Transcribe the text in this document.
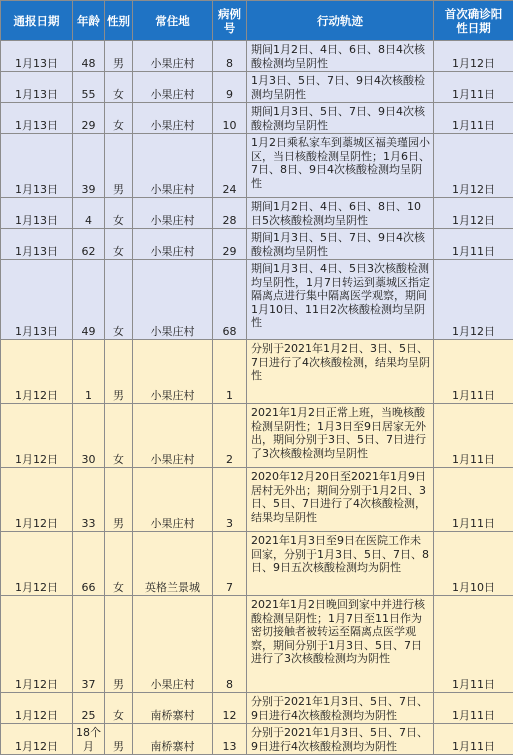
通报日期	年龄	性别	常住地	病例号	行动轨迹	首次确诊阳性日期
1月13日	48	男	小果庄村	8	期间1月2日、4日、6日、8日4次核酸检测均呈阴性	1月12日
1月13日	55	女	小果庄村	9	1月3日、5日、7日、9日4次核酸检测均呈阴性	1月11日
1月13日	29	女	小果庄村	10	期间1月3日、5日、7日、9日4次核酸检测均呈阴性	1月11日
1月13日	39	男	小果庄村	24	1月2日乘私家车到藁城区福美瑾园小区，当日核酸检测呈阴性；1月6日、7日、8日、9日4次核酸检测均呈阴性	1月12日
1月13日	4	女	小果庄村	28	期间1月2日、4日、6日、8日、10日5次核酸检测均呈阴性	1月12日
1月13日	62	女	小果庄村	29	期间1月3日、5日、7日、9日4次核酸检测均呈阴性	1月11日
1月13日	49	女	小果庄村	68	期间1月3日、4日、5日3次核酸检测均呈阴性，1月7日转运到藁城区指定隔离点进行集中隔离医学观察，期间1月10日、11日2次核酸检测均呈阴性	1月12日
1月12日	1	男	小果庄村	1	分别于2021年1月2日、3日、5日、7日进行了4次核酸检测，结果均呈阴性	1月11日
1月12日	30	女	小果庄村	2	2021年1月2日正常上班，当晚核酸检测呈阴性；1月3日至9日居家无外出，期间分别于3日、5日、7日进行了3次核酸检测均呈阴性	1月11日
1月12日	33	男	小果庄村	3	2020年12月20日至2021年1月9日居村无外出；期间分别于1月2日、3日、5日、7日进行了4次核酸检测，结果均呈阴性	1月11日
1月12日	66	女	英格兰景城	7	2021年1月3日至9日在医院工作未回家，分别于1月3日、5日、7日、8日、9日五次核酸检测均为阴性	1月10日
1月12日	37	男	小果庄村	8	2021年1月2日晚回到家中并进行核酸检测呈阴性；1月7日至11日作为密切接触者被转运至隔离点医学观察，期间分别于1月3日、5日、7日进行了3次核酸检测均为阴性	1月11日
1月12日	25	女	南桥寨村	12	分别于2021年1月3日、5日、7日、9日进行4次核酸检测均为阴性	1月11日
1月12日	18个月	男	南桥寨村	13	分别于2021年1月3日、5日、7日、9日进行4次核酸检测均为阴性	1月11日
